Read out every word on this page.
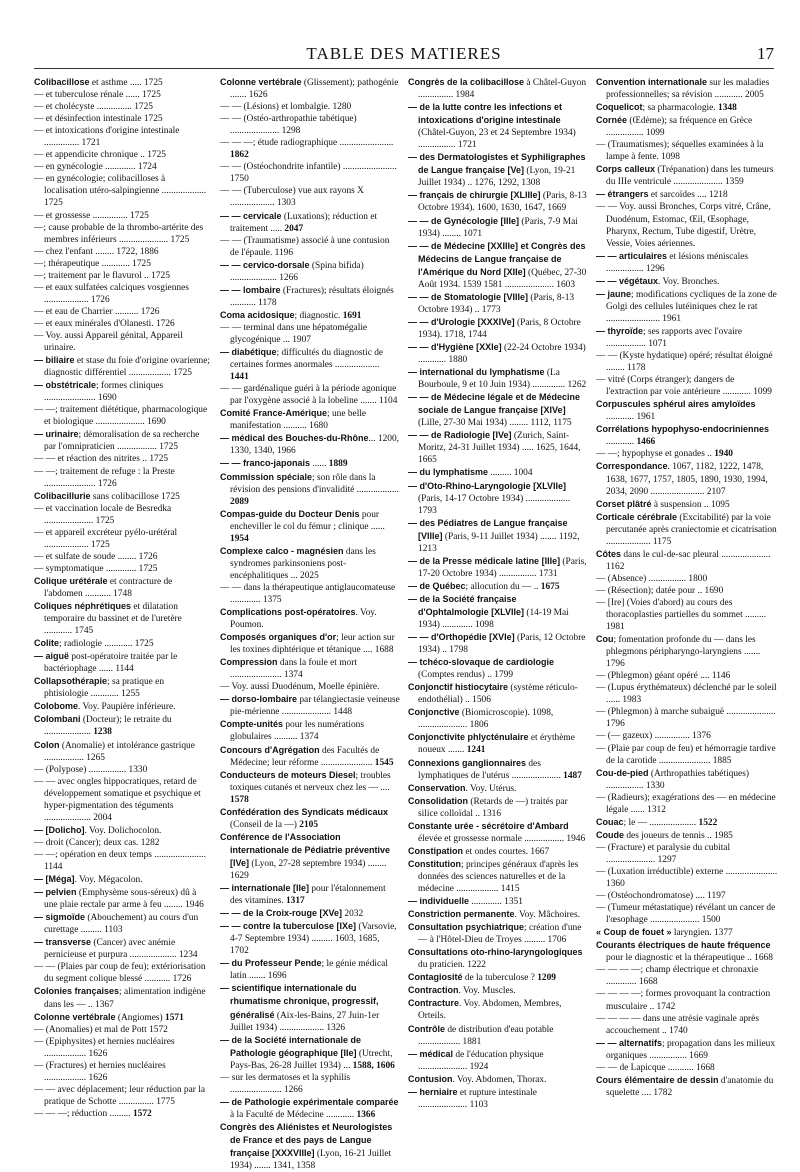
TABLE DES MATIERES	17

Colibacillose et asthme ..... 1725

— et tuberculose rénale ...... 1725

— et cholécyste ............... 1725

— et désinfection intestinale 1725

— et intoxications d'origine intestinale ............... 1721

— et appendicite chronique .. 1725

— en gynécologie ............. 1724

— en gynécologie; colibacilloses à localisation utéro-salpingienne ................... 1725

— et grossesse ............... 1725

—; cause probable de la thrombo-artérite des membres inférieurs ..................... 1725

— chez l'enfant ........ 1722, 1886

—; thérapeutique ............ 1725

—; traitement par le flavurol .. 1725

— et eaux sulfatées calciques vosgiennes ................... 1726

— et eau de Charrier .......... 1726

— et eaux minérales d'Olanesti. 1726

— Voy. aussi Appareil génital, Appareil urinaire.

— biliaire et stase du foie d'origine ovarienne; diagnostic différentiel .................. 1725

— obstétricale; formes cliniques ...................... 1690

— —; traitement diététique, pharmacologique et biologique ..................... 1690

— urinaire; démoralisation de sa recherche par l'omnipraticien ................. 1725

— — et réaction des nitrites .. 1725

— —; traitement de refuge : la Preste ...................... 1726

Colibacillurie sans colibacillose 1725

— et vaccination locale de Besredka ..................... 1725

— et appareil excréteur pyélo-urétéral ................... 1725

— et sulfate de soude ........ 1726

— symptomatique ............. 1725

Colique urétérale et contracture de l'abdomen ........... 1748

Coliques néphrétiques et dilatation temporaire du bassinet et de l'uretère ............ 1745

Colite; radiologie ............ 1725

— aiguë post-opératoire traitée par le bactériophage ...... 1144

Collapsothérapie; sa pratique en phtisiologie ............ 1255

Colobome. Voy. Paupière inférieure.

Colombani (Docteur); le retraite du .................... 1238

Colon (Anomalie) et intolérance gastrique ................. 1265

— (Polypose) ................ 1330

— — avec ongles hippocratiques, retard de développement somatique et psychique et hyper-pigmentation des téguments .................... 2004

— [Dolicho]. Voy. Dolichocolon.

— droit (Cancer); deux cas. 1282

— —; opération en deux temps ...................... 1144

— [Méga]. Voy. Mégacolon.

— pelvien (Emphysème sous-séreux) dû à une plaie rectale par arme à feu ........ 1946

— sigmoïde (Abouchement) au cours d'un curettage ......... 1103

— transverse (Cancer) avec anémie pernicieuse et purpura .................... 1234

— — (Plaies par coup de feu); extériorisation du segment colique blessé ........... 1726

Colonies françaises; alimentation indigène dans les — .. 1367

Colonne vertébrale (Angiomes) 1571

— (Anomalies) et mal de Pott 1572

— (Epiphysites) et hernies nucléaires .................. 1626

— (Fractures) et hernies nucléaires .................. 1626

— — avec déplacement; leur réduction par la pratique de Schotte ............... 1775

— — —; réduction ......... 1572

Colonne vertébrale (Glissement); pathogénie ....... 1626

— — (Lésions) et lombalgie. 1280

— — (Ostéo-arthropathie tabétique) ..................... 1298

— — —; étude radiographique ....................... 1862

— — (Ostéochondrite infantile) ....................... 1750

— — (Tuberculose) vue aux rayons X ................... 1303

— — cervicale (Luxations); réduction et traitement ..... 2047

— — (Traumatisme) associé à une contusion de l'épaule. 1196

— — cervico-dorsale (Spina bifida) .................... 1266

— — lombaire (Fractures); résultats éloignés ........... 1178

Coma acidosique; diagnostic. 1691

— — terminal dans une hépatomégalie glycogénique ... 1907

— diabétique; difficultés du diagnostic de certaines formes anormales ................... 1441

— — gardénalique guéri à la période agonique par l'oxygène associé à la lobeline ....... 1104

Comité France-Amérique; une belle manifestation .......... 1680

— médical des Bouches-du-Rhône... 1200, 1330, 1340, 1966

— — franco-japonais ...... 1889

Commission spéciale; son rôle dans la révision des pensions d'invalidité .................. 2089

Compas-guide du Docteur Denis pour encheviller le col du fémur ; clinique ...... 1954

Complexe calco - magnésien dans les syndromes parkinsoniens post-encéphalitiques ... 2025

— — dans la thérapeutique antiglaucomateuse ............. 1375

Complications post-opératoires. Voy. Poumon.

Composés organiques d'or; leur action sur les toxines diphtérique et tétanique .... 1688

Compression dans la foule et mort ...................... 1374

— Voy. aussi Duodénum, Moelle épinière.

— dorso-lombaire par télangiectasie veineuse pie-mérienne ..................... 1448

Compte-unités pour les numérations globulaires .......... 1374

Concours d'Agrégation des Facultés de Médecine; leur réforme ...................... 1545

Conducteurs de moteurs Diesel; troubles toxiques cutanés et nerveux chez les — .... 1578

Confédération des Syndicats médicaux (Conseil de la —) 2105

Conférence de l'Association internationale de Pédiatrie préventive [IVe] (Lyon, 27-28 septembre 1934) ........ 1629

— internationale [IIe] pour l'étalonnement des vitamines. 1317

— — de la Croix-rouge [XVe] 2032

— — contre la tuberculose [IXe] (Varsovie, 4-7 Septembre 1934) ......... 1603, 1685, 1702

— du Professeur Pende; le génie médical latin ....... 1696

— scientifique internationale du rhumatisme chronique, progressif, généralisé (Aix-les-Bains, 27 Juin-1er Juillet 1934) ................... 1326

— de la Société internationale de Pathologie géographique [IIe] (Utrecht, Pays-Bas, 26-28 Juillet 1934) ... 1588, 1606

— sur les dermatoses et la syphilis ...................... 1266

— de Pathologie expérimentale comparée à la Faculté de Médecine ............ 1366

Congrès des Aliénistes et Neurologistes de France et des pays de Langue française [XXXVIIIe] (Lyon, 16-21 Juillet 1934) ....... 1341, 1358

Congrès de la colibacillose à Châtel-Guyon ............... 1984

— de la lutte contre les infections et intoxications d'origine intestinale (Châtel-Guyon, 23 et 24 Septembre 1934) ................ 1721

— des Dermatologistes et Syphiligraphes de Langue française [Ve] (Lyon, 19-21 Juillet 1934) .. 1276, 1292, 1308

— français de chirurgie [XLIIIe] (Paris, 8-13 Octobre 1934). 1600, 1630, 1647, 1669

— — de Gynécologie [IIIe] (Paris, 7-9 Mai 1934) ........ 1071

— — de Médecine [XXIIIe] et Congrès des Médecins de Langue française de l'Amérique du Nord [XIIe] (Québec, 27-30 Août 1934. 1539 1581 ..................... 1603

— — de Stomatologie [VIIIe] (Paris, 8-13 Octobre 1934) .. 1773

— — d'Urologie [XXXIVe] (Paris, 8 Octobre 1934). 1718, 1744

— — d'Hygiène [XXIe] (22-24 Octobre 1934) ............ 1880

— international du lymphatisme (La Bourboule, 9 et 10 Juin 1934) .............. 1262

— — de Médecine légale et de Médecine sociale de Langue française [XIVe] (Lille, 27-30 Mai 1934) ........ 1112, 1175

— — de Radiologie [IVe] (Zurich, Saint-Moritz, 24-31 Juillet 1934) ..... 1625, 1644, 1665

— du lymphatisme ......... 1004

— d'Oto-Rhino-Laryngologie [XLVIIe] (Paris, 14-17 Octobre 1934) ................... 1793

— des Pédiatres de Langue française [VIIIe] (Paris, 9-11 Juillet 1934) ....... 1192, 1213

— de la Presse médicale latine [IIIe] (Paris, 17-20 Octobre 1934) ................ 1731

— de Québec; allocution du — .. 1675

— de la Société française d'Ophtalmologie [XLVIIe] (14-19 Mai 1934) ............. 1098

— — d'Orthopédie [XVIe] (Paris, 12 Octobre 1934) .. 1798

— tchéco-slovaque de cardiologie (Comptes rendus) .. 1799

Conjonctif histiocytaire (système réticulo-endothélial) .. 1506

Conjonctive (Biomicroscopie). 1098, ..................... 1806

Conjonctivite phlycténulaire et érythème noueux ....... 1241

Connexions ganglionnaires des lymphatiques de l'utérus ..................... 1487

Conservation. Voy. Utérus.

Consolidation (Retards de —) traités par silice colloïdal .. 1316

Constante urée - sécrétoire d'Ambard élevée et grossesse normale ................. 1946

Constipation et ondes courtes. 1667

Constitution; principes généraux d'après les données des sciences naturelles et de la médecine .................. 1415

— individuelle ............. 1351

Constriction permanente. Voy. Mâchoires.

Consultation psychiatrique; création d'une — à l'Hôtel-Dieu de Troyes ......... 1706

Consultations oto-rhino-laryngologiques du praticien. 1222

Contagiosité de la tuberculose ? 1209

Contraction. Voy. Muscles.

Contracture. Voy. Abdomen, Membres, Orteils.

Contrôle de distribution d'eau potable .................. 1881

— médical de l'éducation physique ..................... 1924

Contusion. Voy. Abdomen, Thorax.

— herniaire et rupture intestinale ..................... 1103

Convention internationale sur les maladies professionnelles; sa révision ............ 2005

Coquelicot; sa pharmacologie. 1348

Cornée (Œdème); sa fréquence en Grèce ................ 1099

— (Traumatismes); séquelles examinées à la lampe à fente. 1098

Corps calleux (Trépanation) dans les tumeurs du IIIe ventricule ..................... 1359

— étrangers et sarcoïdes .... 1218

— — Voy. aussi Bronches, Corps vitré, Crâne, Duodénum, Estomac, Œil, Œsophage, Pharynx, Rectum, Tube digestif, Urètre, Vessie, Voies aériennes.

— — articulaires et lésions méniscales ................ 1296

— — végétaux. Voy. Bronches.

— jaune; modifications cycliques de la zone de Golgi des cellules lutéiniques chez le rat ....................... 1961

— thyroïde; ses rapports avec l'ovaire ................. 1071

— — (Kyste hydatique) opéré; résultat éloigné ........ 1178

— vitré (Corps étranger); dangers de l'extraction par voie antérieure ............ 1099

Corpuscules sphérul aires amyloïdes ............ 1961

Corrélations hypophyso-endocriniennes ............ 1466

— —; hypophyse et gonades .. 1940

Correspondance. 1067, 1182, 1222, 1478, 1638, 1677, 1757, 1805, 1890, 1930, 1994, 2034, 2090 ....................... 2107

Corset plâtré à suspension .. 1095

Corticale cérébrale (Excitabilité) par la voie percutanée après craniectomie et cicatrisation ................... 1175

Côtes dans le cul-de-sac pleural ..................... 1162

— (Absence) ................ 1800

— (Résection); datée pour .. 1690

— [Ire] (Voies d'abord) au cours des thoracoplasties partielles du sommet ......... 1981

Cou; fomentation profonde du — dans les phlegmons péripharyngo-laryngiens ....... 1796

— (Phlegmon) géant opéré .... 1146

— (Lupus érythémateux) déclenché par le soleil ...... 1983

— (Phlegmon) à marche subaiguë ..................... 1796

— (— gazeux) ............... 1376

— (Plaie par coup de feu) et hémorragie tardive de la carotide ...................... 1885

Cou-de-pied (Arthropathies tabétiques) ................ 1330

— (Radieurs); exagérations des — en médecine légale ...... 1312

Couac; le — .................... 1522

Coude des joueurs de tennis .. 1985

— (Fracture) et paralysie du cubital ..................... 1297

— (Luxation irréductible) externe ...................... 1360

— (Ostéochondromatose) .... 1197

— (Tumeur métastatique) révélant un cancer de l'œsophage ..................... 1500

« Coup de fouet » laryngien. 1377

Courants électriques de haute fréquence pour le diagnostic et la thérapeutique .. 1668

— — — —; champ électrique et chronaxie ............. 1668

— — — —; formes provoquant la contraction musculaire .. 1742

— — — — dans une atrésie vaginale après accouchement .. 1740

— — alternatifs; propagation dans les milieux organiques ................ 1669

— — de Lapicque ........... 1668

Cours élémentaire de dessin d'anatomie du squelette .... 1782
